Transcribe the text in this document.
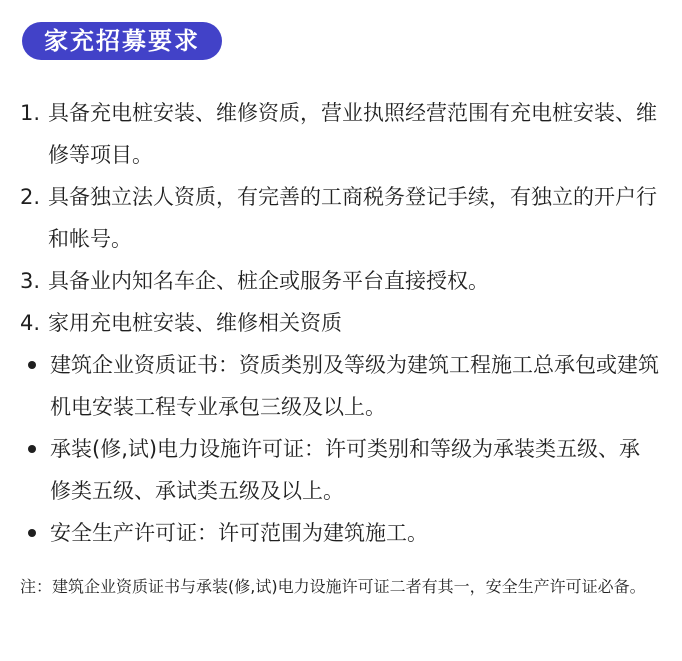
家充招募要求
1. 具备充电桩安装、维修资质，营业执照经营范围有充电桩安装、维修等项目。
2. 具备独立法人资质，有完善的工商税务登记手续，有独立的开户行和帐号。
3. 具备业内知名车企、桩企或服务平台直接授权。
4. 家用充电桩安装、维修相关资质
建筑企业资质证书：资质类别及等级为建筑工程施工总承包或建筑机电安装工程专业承包三级及以上。
承装(修,试)电力设施许可证：许可类别和等级为承装类五级、承修类五级、承试类五级及以上。
安全生产许可证：许可范围为建筑施工。
注：建筑企业资质证书与承装(修,试)电力设施许可证二者有其一，安全生产许可证必备。
